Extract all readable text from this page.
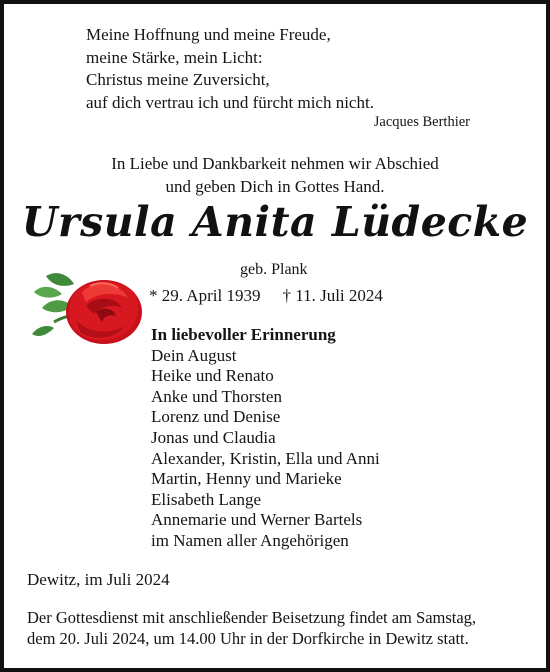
Meine Hoffnung und meine Freude,
meine Stärke, mein Licht:
Christus meine Zuversicht,
auf dich vertrau ich und fürcht mich nicht.
Jacques Berthier
In Liebe und Dankbarkeit nehmen wir Abschied
und geben Dich in Gottes Hand.
Ursula Anita Lüdecke
geb. Plank
* 29. April 1939 † 11. Juli 2024
In liebevoller Erinnerung
Dein August
Heike und Renato
Anke und Thorsten
Lorenz und Denise
Jonas und Claudia
Alexander, Kristin, Ella und Anni
Martin, Henny und Marieke
Elisabeth Lange
Annemarie und Werner Bartels
im Namen aller Angehörigen
Dewitz, im Juli 2024
Der Gottesdienst mit anschließender Beisetzung findet am Samstag,
dem 20. Juli 2024, um 14.00 Uhr in der Dorfkirche in Dewitz statt.
